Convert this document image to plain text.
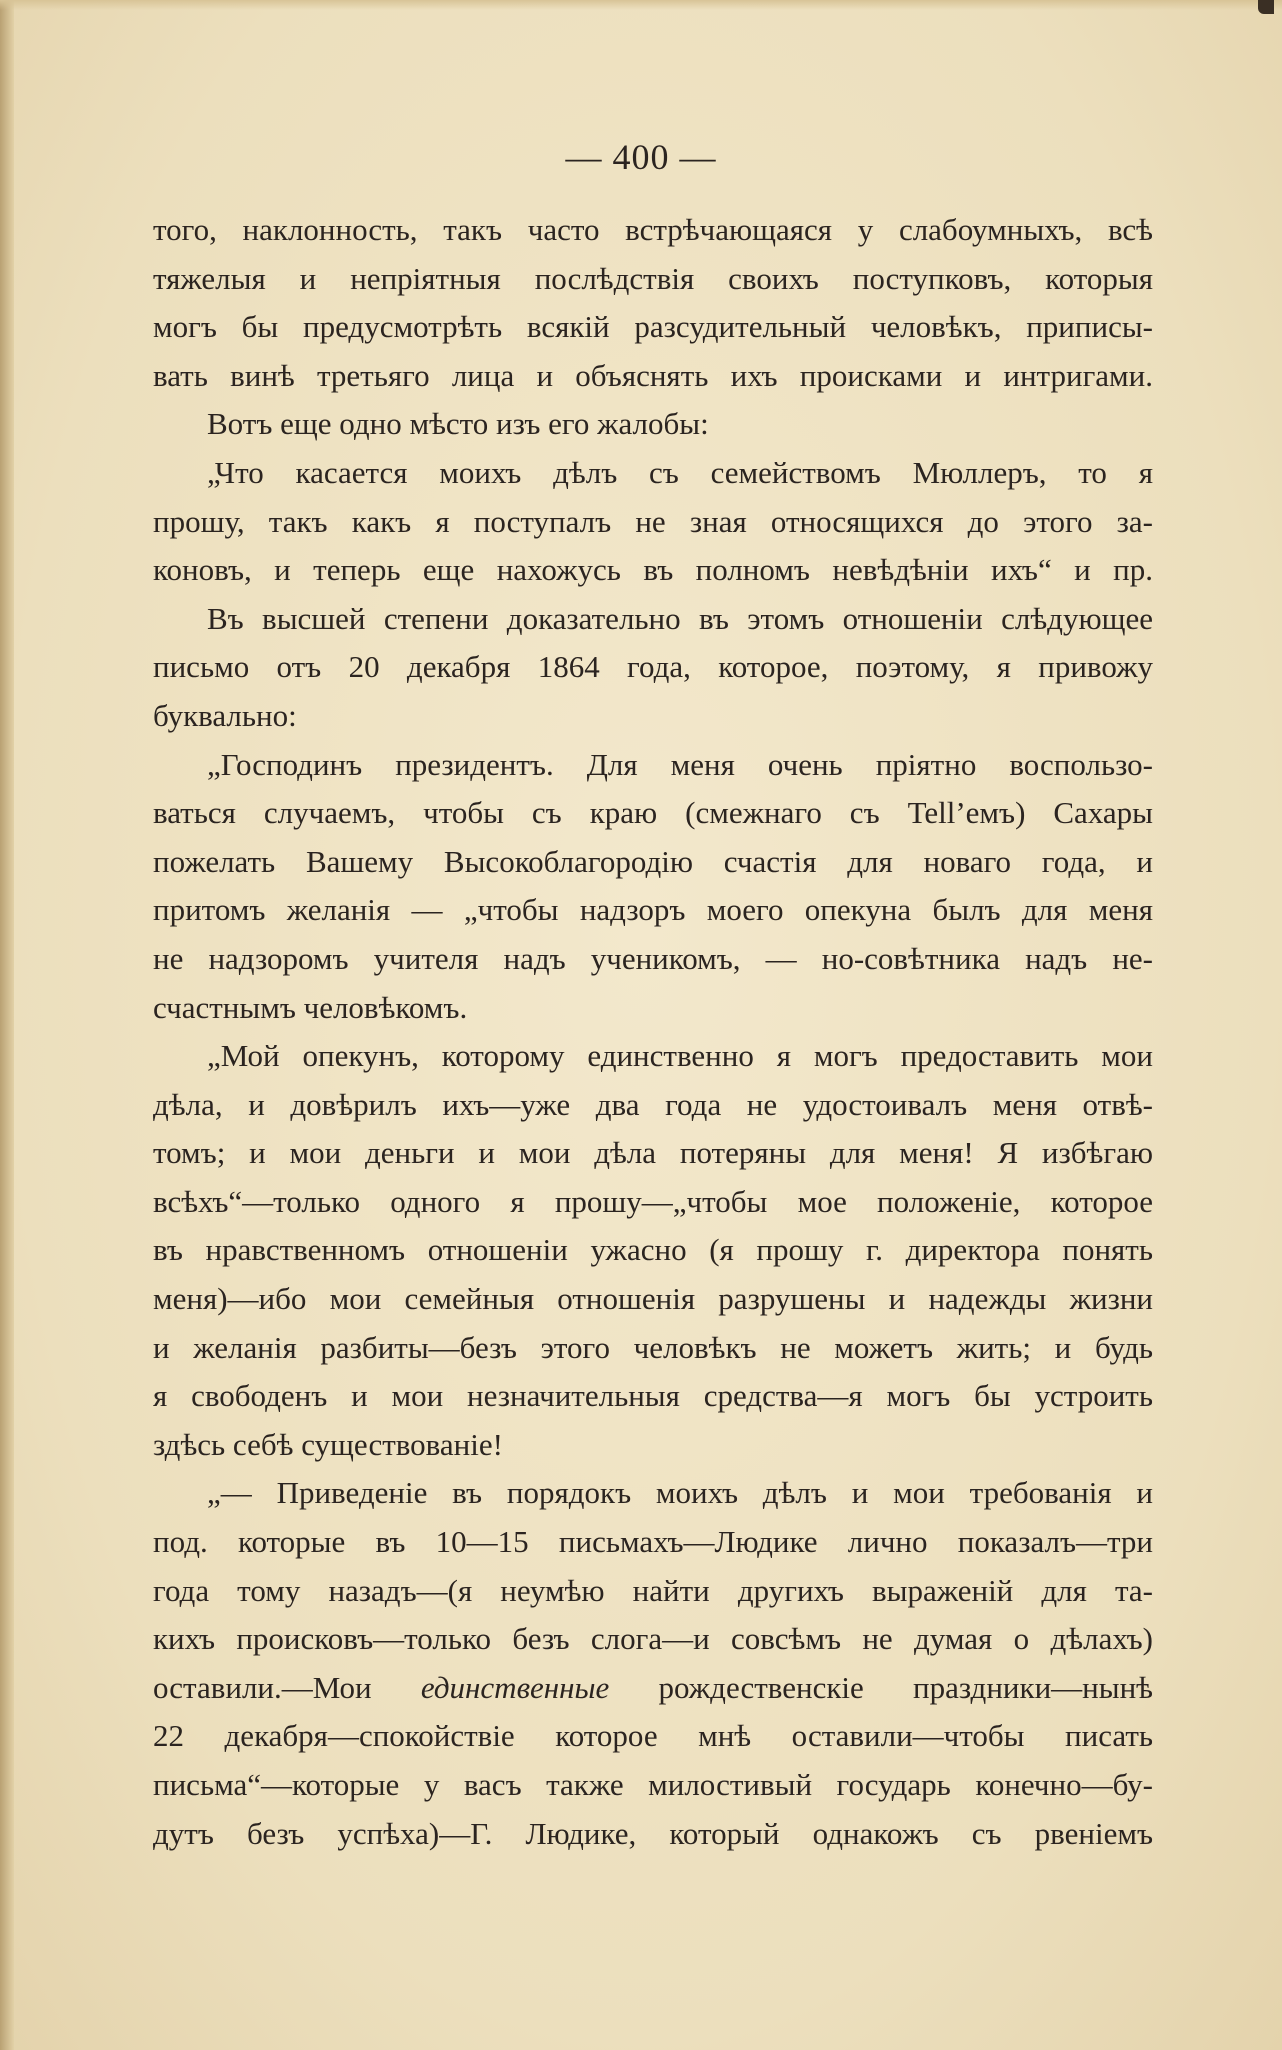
— 400 —

того, наклонность, такъ часто встрѣчающаяся у слабоумныхъ, всѣ
тяжелыя и непріятныя послѣдствія своихъ поступковъ, которыя
могъ бы предусмотрѣть всякій разсудительный человѣкъ, приписы-
вать винѣ третьяго лица и объяснять ихъ происками и интригами.

Вотъ еще одно мѣсто изъ его жалобы:

„Что касается моихъ дѣлъ съ семействомъ Мюллеръ, то я
прошу, такъ какъ я поступалъ не зная относящихся до этого за-
коновъ, и теперь еще нахожусь въ полномъ невѣдѣніи ихъ“ и пр.

Въ высшей степени доказательно въ этомъ отношеніи слѣдующее
письмо отъ 20 декабря 1864 года, которое, поэтому, я привожу
буквально:

„Господинъ президентъ. Для меня очень пріятно воспользо-
ваться случаемъ, чтобы съ краю (смежнаго съ Tell’емъ) Сахары
пожелать Вашему Высокоблагородію счастія для новаго года, и
притомъ желанія — „чтобы надзоръ моего опекуна былъ для меня
не надзоромъ учителя надъ ученикомъ, — но-совѣтника надъ не-
счастнымъ человѣкомъ.

„Мой опекунъ, которому единственно я могъ предоставить мои
дѣла, и довѣрилъ ихъ—уже два года не удостоивалъ меня отвѣ-
томъ; и мои деньги и мои дѣла потеряны для меня! Я избѣгаю
всѣхъ“—только одного я прошу—„чтобы мое положеніе, которое
въ нравственномъ отношеніи ужасно (я прошу г. директора понять
меня)—ибо мои семейныя отношенія разрушены и надежды жизни
и желанія разбиты—безъ этого человѣкъ не можетъ жить; и будь
я свободенъ и мои незначительныя средства—я могъ бы устроить
здѣсь себѣ существованіе!

„— Приведеніе въ порядокъ моихъ дѣлъ и мои требованія и
под. которые въ 10—15 письмахъ—Людике лично показалъ—три
года тому назадъ—(я неумѣю найти другихъ выраженій для та-
кихъ происковъ—только безъ слога—и совсѣмъ не думая о дѣлахъ)
оставили.—Мои единственные рождественскіе праздники—нынѣ
22 декабря—спокойствіе которое мнѣ оставили—чтобы писать
письма“—которые у васъ также милостивый государь конечно—бу-
дутъ безъ успѣха)—Г. Людике, который однакожъ съ рвеніемъ
